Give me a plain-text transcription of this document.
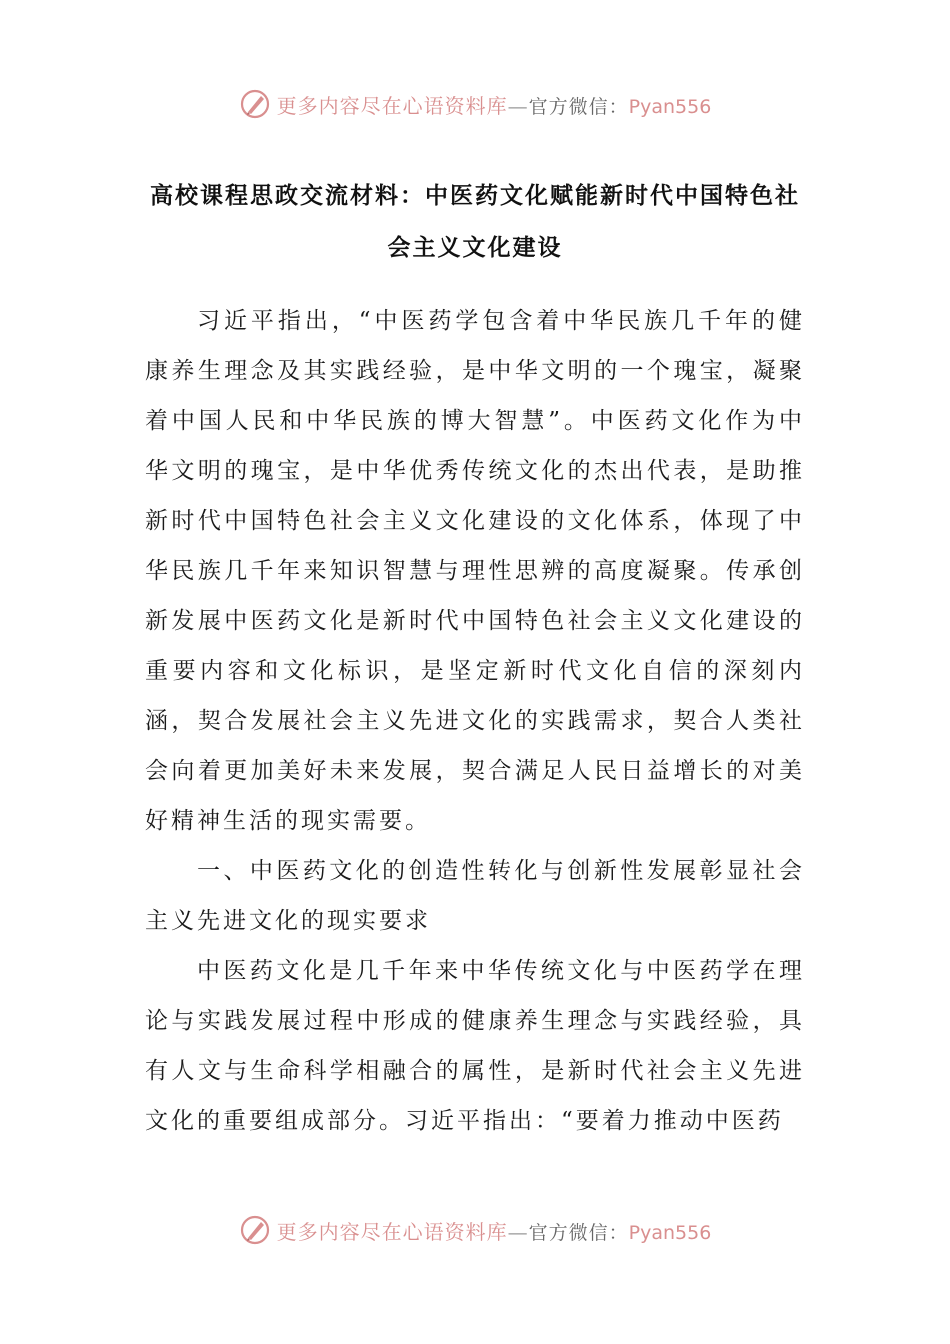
更多内容尽在心语资料库—官方微信：Pyan556
高校课程思政交流材料：中医药文化赋能新时代中国特色社会主义文化建设

习近平指出，“中医药学包含着中华民族几千年的健康养生理念及其实践经验，是中华文明的一个瑰宝，凝聚着中国人民和中华民族的博大智慧”。中医药文化作为中华文明的瑰宝，是中华优秀传统文化的杰出代表，是助推新时代中国特色社会主义文化建设的文化体系，体现了中华民族几千年来知识智慧与理性思辨的高度凝聚。传承创新发展中医药文化是新时代中国特色社会主义文化建设的重要内容和文化标识，是坚定新时代文化自信的深刻内涵，契合发展社会主义先进文化的实践需求，契合人类社会向着更加美好未来发展，契合满足人民日益增长的对美好精神生活的现实需要。

一、中医药文化的创造性转化与创新性发展彰显社会主义先进文化的现实要求

中医药文化是几千年来中华传统文化与中医药学在理论与实践发展过程中形成的健康养生理念与实践经验，具有人文与生命科学相融合的属性，是新时代社会主义先进文化的重要组成部分。习近平指出：“要着力推动中医药

更多内容尽在心语资料库—官方微信：Pyan556
